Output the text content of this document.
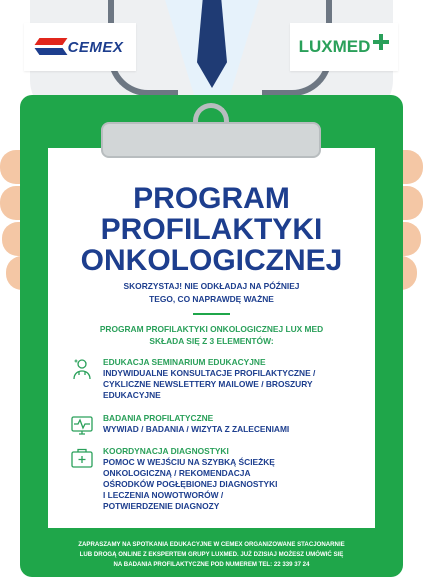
CEMEX	LUXMED
PROGRAM
PROFILAKTYKI
ONKOLOGICZNEJ
SKORZYSTAJ! NIE ODKŁADAJ NA PÓŹNIEJ
TEGO, CO NAPRAWDĘ WAŻNE
PROGRAM PROFILAKTYKI ONKOLOGICZNEJ LUX MED
SKŁADA SIĘ Z 3 ELEMENTÓW:
EDUKACJA SEMINARIUM EDUKACYJNE
INDYWIDUALNE KONSULTACJE PROFILAKTYCZNE /
CYKLICZNE NEWSLETTERY MAILOWE / BROSZURY
EDUKACYJNE
BADANIA PROFILATYCZNE
WYWIAD / BADANIA / WIZYTA Z ZALECENIAMI
KOORDYNACJA DIAGNOSTYKI
POMOC W WEJŚCIU NA SZYBKĄ ŚCIEŻKĘ
ONKOLOGICZNĄ / REKOMENDACJA
OŚRODKÓW POGŁĘBIONEJ DIAGNOSTYKI
I LECZENIA NOWOTWORÓW /
POTWIERDZENIE DIAGNOZY
ZAPRASZAMY NA SPOTKANIA EDUKACYJNE W CEMEX ORGANIZOWANE STACJONARNIE
LUB DROGĄ ONLINE Z EKSPERTEM GRUPY LUXMED. JUŻ DZISIAJ MOŻESZ UMÓWIĆ SIĘ
NA BADANIA PROFILAKTYCZNE POD NUMEREM TEL: 22 339 37 24
